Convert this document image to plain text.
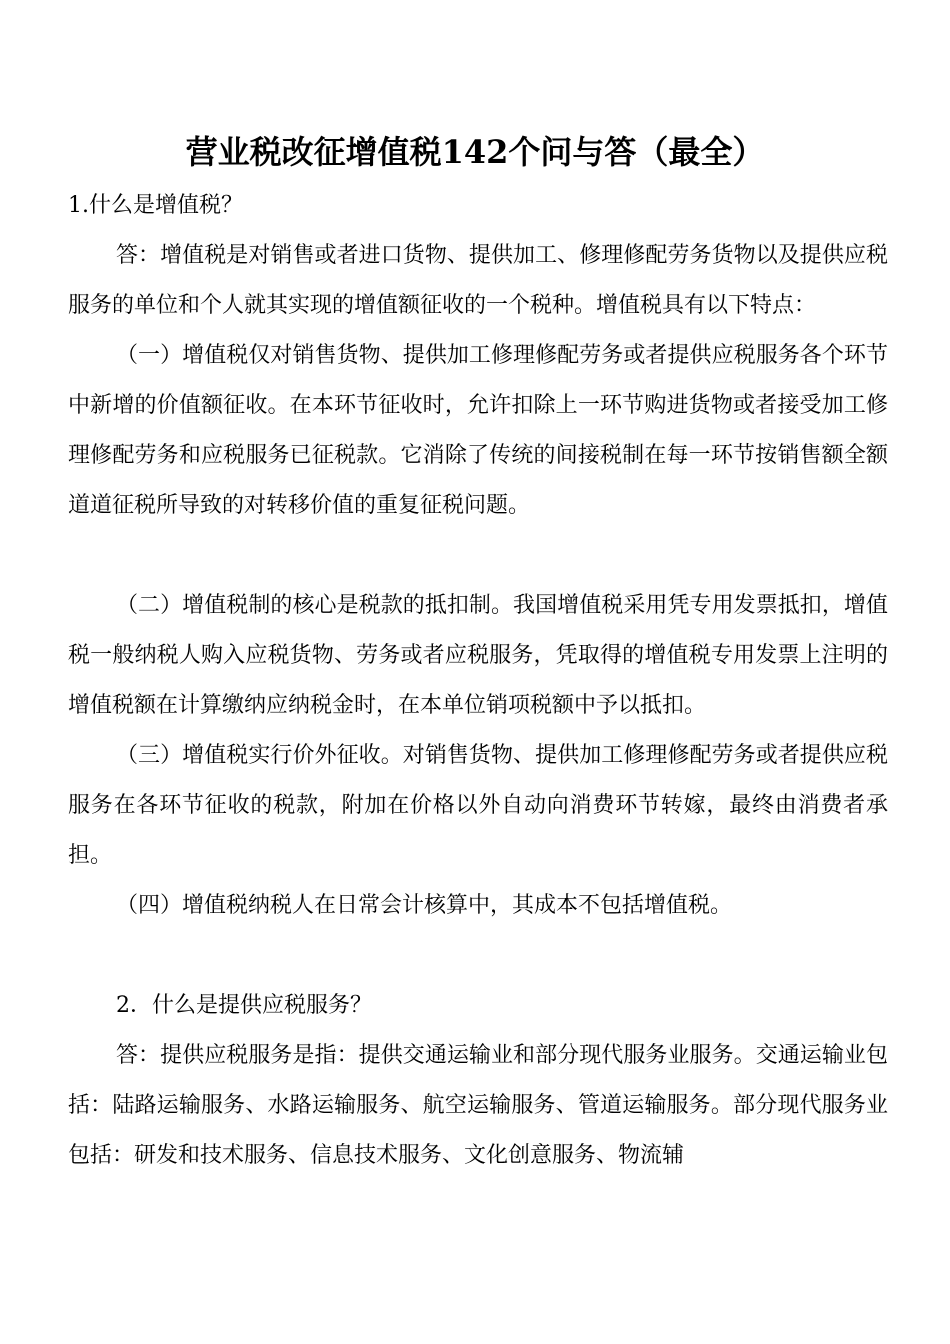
营业税改征增值税142个问与答（最全）

1.什么是增值税？

答：增值税是对销售或者进口货物、提供加工、修理修配劳务货物以及提供应税服务的单位和个人就其实现的增值额征收的一个税种。增值税具有以下特点：

（一）增值税仅对销售货物、提供加工修理修配劳务或者提供应税服务各个环节中新增的价值额征收。在本环节征收时，允许扣除上一环节购进货物或者接受加工修理修配劳务和应税服务已征税款。它消除了传统的间接税制在每一环节按销售额全额道道征税所导致的对转移价值的重复征税问题。

（二）增值税制的核心是税款的抵扣制。我国增值税采用凭专用发票抵扣，增值税一般纳税人购入应税货物、劳务或者应税服务，凭取得的增值税专用发票上注明的增值税额在计算缴纳应纳税金时，在本单位销项税额中予以抵扣。

（三）增值税实行价外征收。对销售货物、提供加工修理修配劳务或者提供应税服务在各环节征收的税款，附加在价格以外自动向消费环节转嫁，最终由消费者承担。

（四）增值税纳税人在日常会计核算中，其成本不包括增值税。

2．什么是提供应税服务？

答：提供应税服务是指：提供交通运输业和部分现代服务业服务。交通运输业包括：陆路运输服务、水路运输服务、航空运输服务、管道运输服务。部分现代服务业包括：研发和技术服务、信息技术服务、文化创意服务、物流辅
